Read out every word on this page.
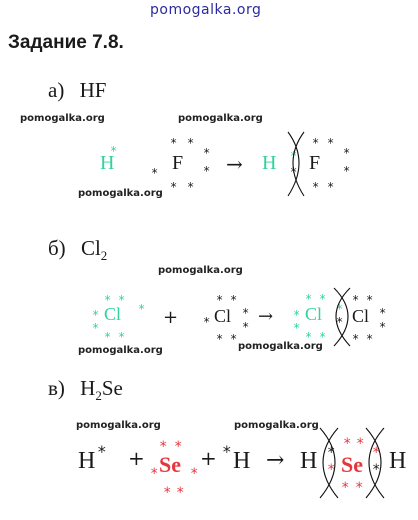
pomogalka.org
Задание 7.8.
а) HF
pomogalka.org	pomogalka.org
pomogalka.org
H
*
*
* *
*
*
* *
F → H *
* F
* *
*
*
* *
б) $Cl_2$
pomogalka.org
pomogalka.org	pomogalka.org
Cl
* *
*
*
* *
* + Cl
* *
*
*
*
* *
→ Cl
* *
*
*
* *
*
* Cl
* *
*
*
* *
в) $H_2Se$
pomogalka.org	pomogalka.org
H * + Se
* *
* *
* *
+ * H → H *
* Se
* *
* *
*
* H
